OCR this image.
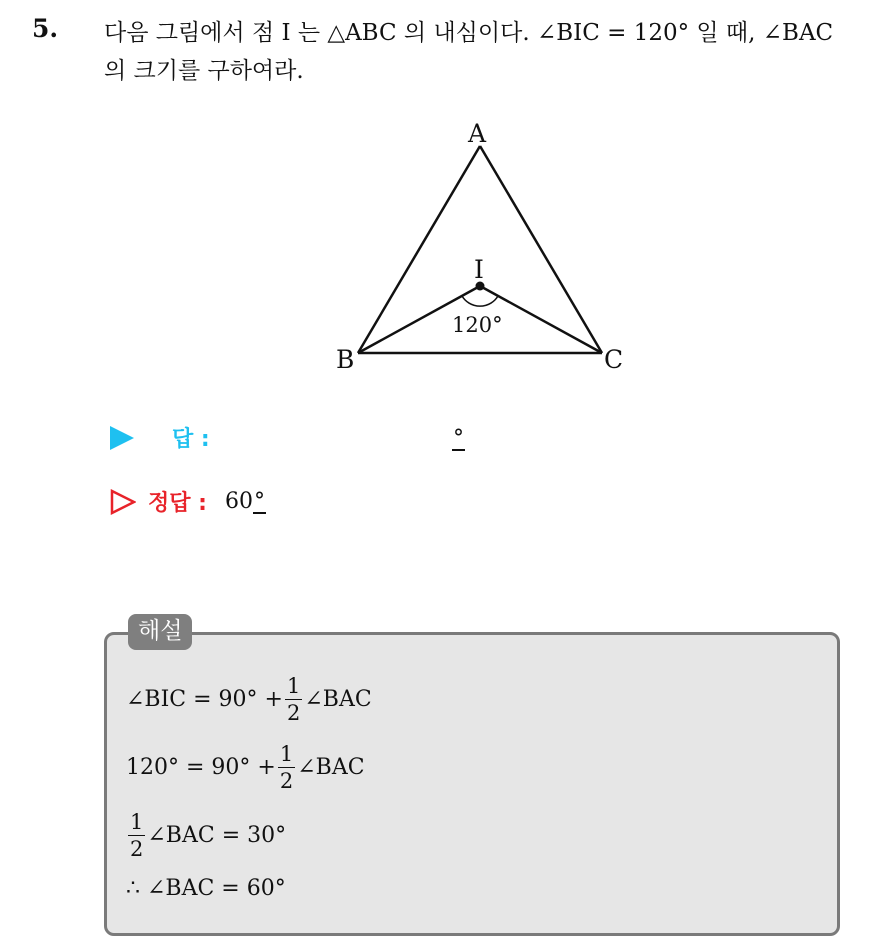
5. 다음 그림에서 점 I 는 △ABC 의 내심이다. ∠BIC = 120° 일 때, ∠BAC
의 크기를 구하여라.
A
B	C
I
120°
답 :	°
정답 : 60°
해설
∠BIC = $90^\circ + \frac{1}{2}$ ∠BAC
$120^\circ = 90^\circ + \frac{1}{2}$ ∠BAC
$\frac{1}{2}$ ∠BAC = 30°
∴ ∠BAC = 60°
